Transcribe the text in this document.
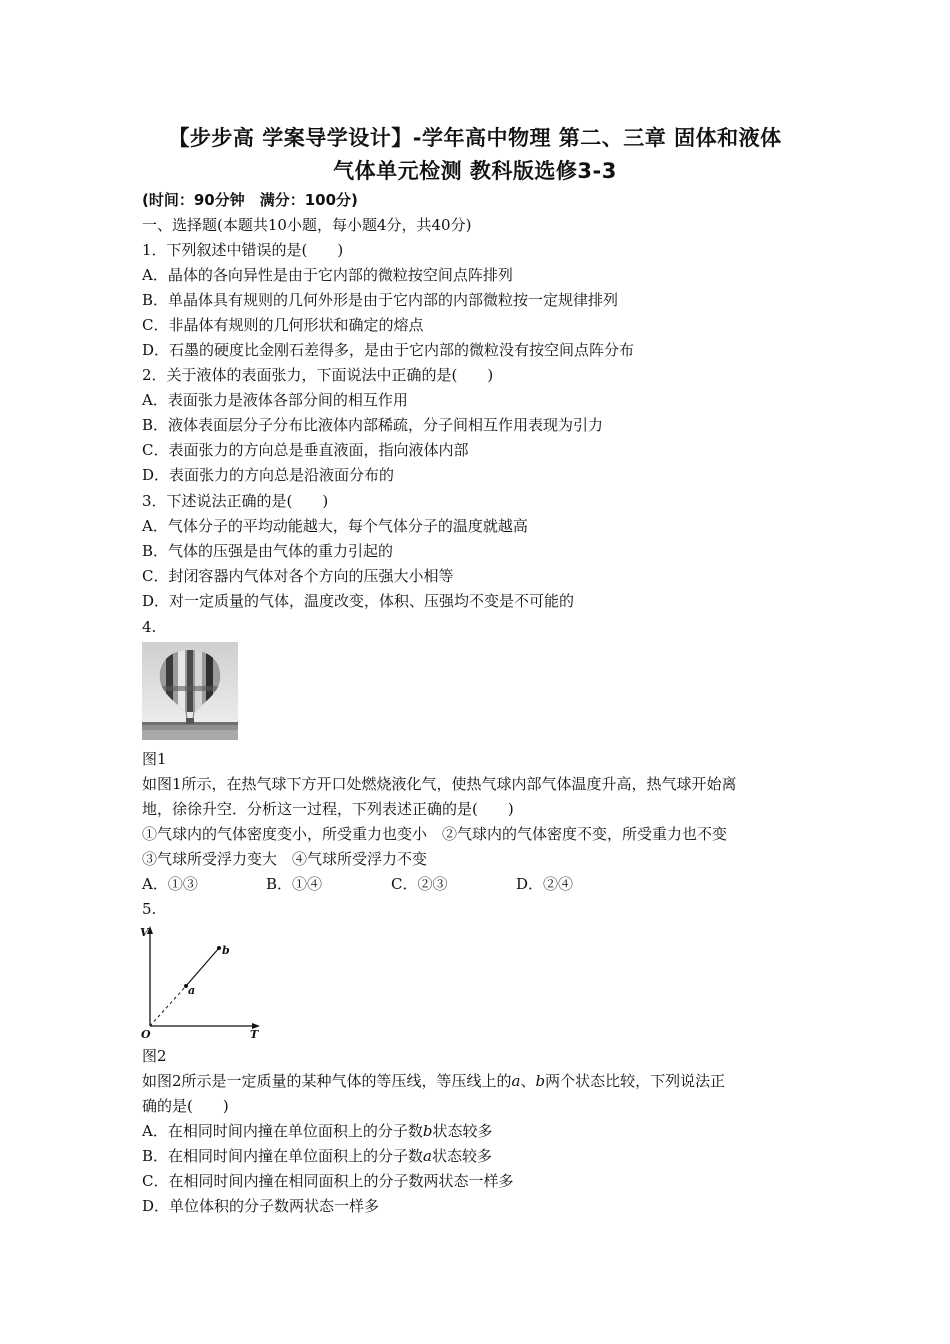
【步步高 学案导学设计】-学年高中物理 第二、三章 固体和液体
气体单元检测 教科版选修3-3
(时间：90分钟　满分：100分)
一、选择题(本题共10小题，每小题4分，共40分)
1．下列叙述中错误的是(　　)
A．晶体的各向异性是由于它内部的微粒按空间点阵排列
B．单晶体具有规则的几何外形是由于它内部的内部微粒按一定规律排列
C．非晶体有规则的几何形状和确定的熔点
D．石墨的硬度比金刚石差得多，是由于它内部的微粒没有按空间点阵分布
2．关于液体的表面张力，下面说法中正确的是(　　)
A．表面张力是液体各部分间的相互作用
B．液体表面层分子分布比液体内部稀疏，分子间相互作用表现为引力
C．表面张力的方向总是垂直液面，指向液体内部
D．表面张力的方向总是沿液面分布的
3．下述说法正确的是(　　)
A．气体分子的平均动能越大，每个气体分子的温度就越高
B．气体的压强是由气体的重力引起的
C．封闭容器内气体对各个方向的压强大小相等
D．对一定质量的气体，温度改变，体积、压强均不变是不可能的
4.
图1
如图1所示，在热气球下方开口处燃烧液化气，使热气球内部气体温度升高，热气球开始离
地，徐徐升空．分析这一过程，下列表述正确的是(　　)
①气球内的气体密度变小，所受重力也变小　②气球内的气体密度不变，所受重力也不变
③气球所受浮力变大　④气球所受浮力不变
A．①③	B．①④	C．②③	D．②④
5.
V
T
O
a
b
图2
如图2所示是一定质量的某种气体的等压线，等压线上的a、b两个状态比较，下列说法正
确的是(　　)
A．在相同时间内撞在单位面积上的分子数b状态较多
B．在相同时间内撞在单位面积上的分子数a状态较多
C．在相同时间内撞在相同面积上的分子数两状态一样多
D．单位体积的分子数两状态一样多
